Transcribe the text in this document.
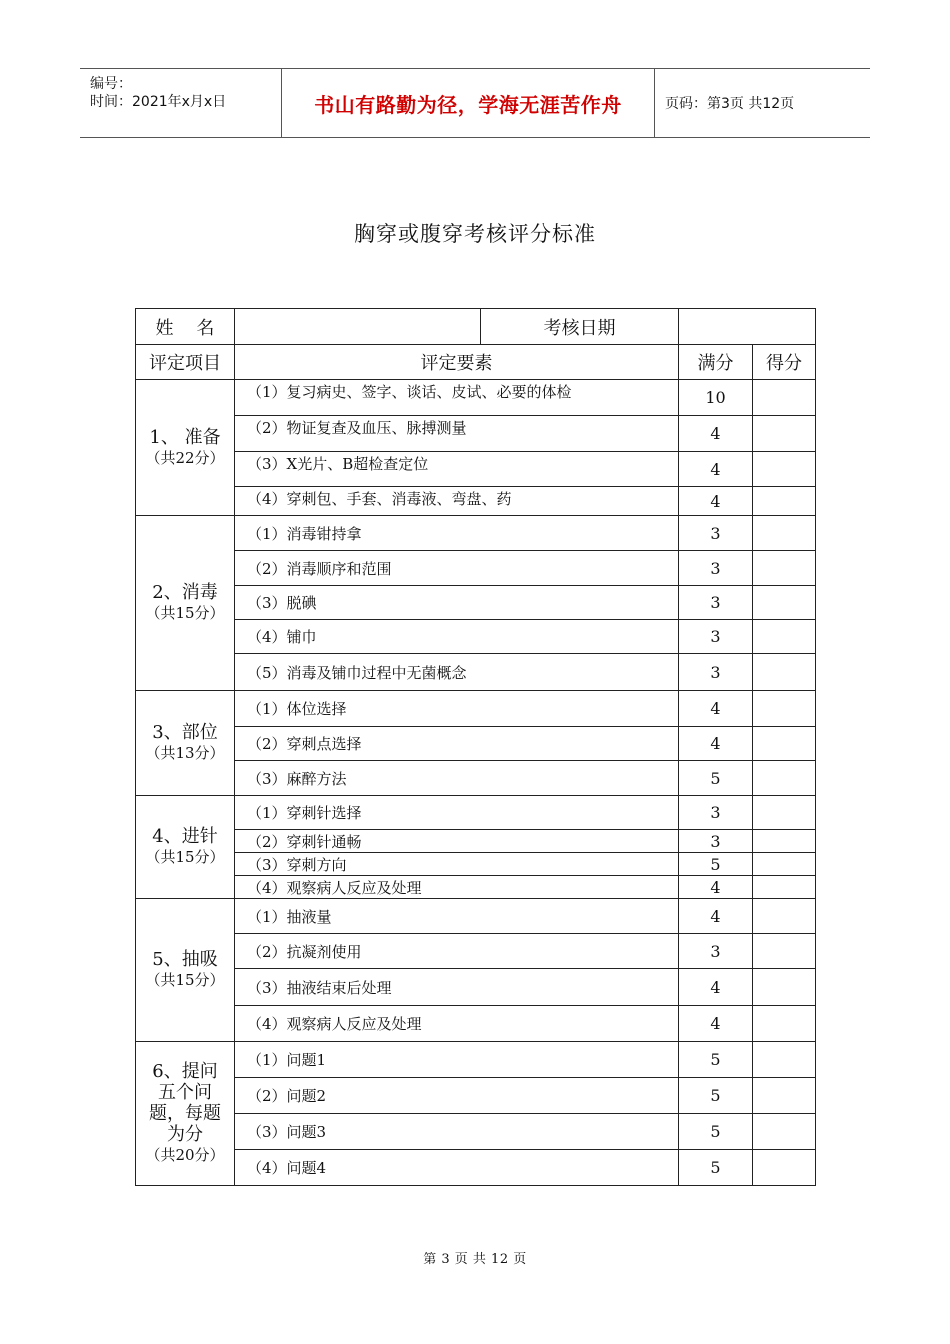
编号：
时间：2021年x月x日	书山有路勤为径，学海无涯苦作舟	页码：第3页 共12页
胸穿或腹穿考核评分标准
姓    名		考核日期		
评定项目	评定要素		满分	得分

1、 准备
（共22分）	（1）复习病史、签字、谈话、皮试、必要的体检		10	
	（2）物证复查及血压、脉搏测量		4	
	（3）X光片、B超检查定位		4	
	（4）穿刺包、手套、消毒液、弯盘、药		4	

2、消毒
（共15分）	（1）消毒钳持拿		3	
	（2）消毒顺序和范围		3	
	（3）脱碘		3	
	（4）铺巾		3	
	（5）消毒及铺巾过程中无菌概念		3	

3、部位
（共13分）	（1）体位选择		4	
	（2）穿刺点选择		4	
	（3）麻醉方法		5	

4、进针
（共15分）	（1）穿刺针选择		3	
	（2）穿刺针通畅		3	
	（3）穿刺方向		5	
	（4）观察病人反应及处理		4	

5、抽吸
（共15分）	（1）抽液量		4	
	（2）抗凝剂使用		3	
	（3）抽液结束后处理		4	
	（4）观察病人反应及处理		4	

6、提问五个问题，每题为分
（共20分）	（1）问题1		5	
	（2）问题2		5	
	（3）问题3		5	
	（4）问题4		5	
第 3 页 共 12 页
